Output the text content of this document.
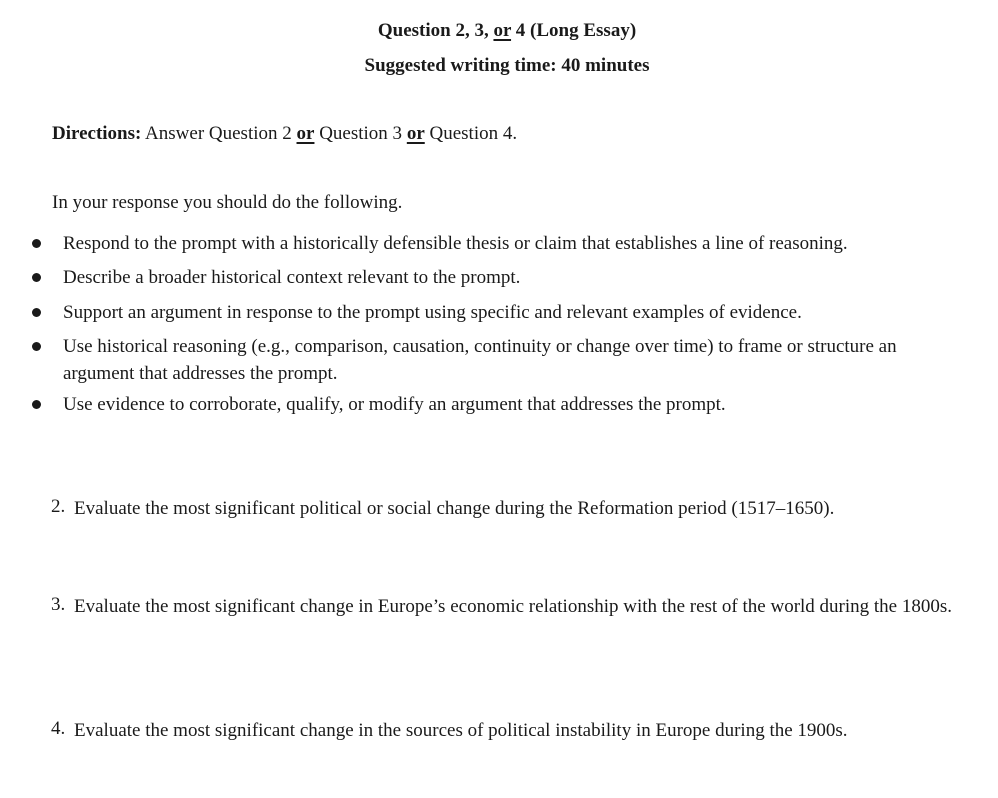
Question 2, 3, or 4 (Long Essay)
Suggested writing time: 40 minutes
Directions: Answer Question 2 or Question 3 or Question 4.
In your response you should do the following.
Respond to the prompt with a historically defensible thesis or claim that establishes a line of reasoning.
Describe a broader historical context relevant to the prompt.
Support an argument in response to the prompt using specific and relevant examples of evidence.
Use historical reasoning (e.g., comparison, causation, continuity or change over time) to frame or structure an argument that addresses the prompt.
Use evidence to corroborate, qualify, or modify an argument that addresses the prompt.
2. Evaluate the most significant political or social change during the Reformation period (1517–1650).
3. Evaluate the most significant change in Europe’s economic relationship with the rest of the world during the 1800s.
4. Evaluate the most significant change in the sources of political instability in Europe during the 1900s.
